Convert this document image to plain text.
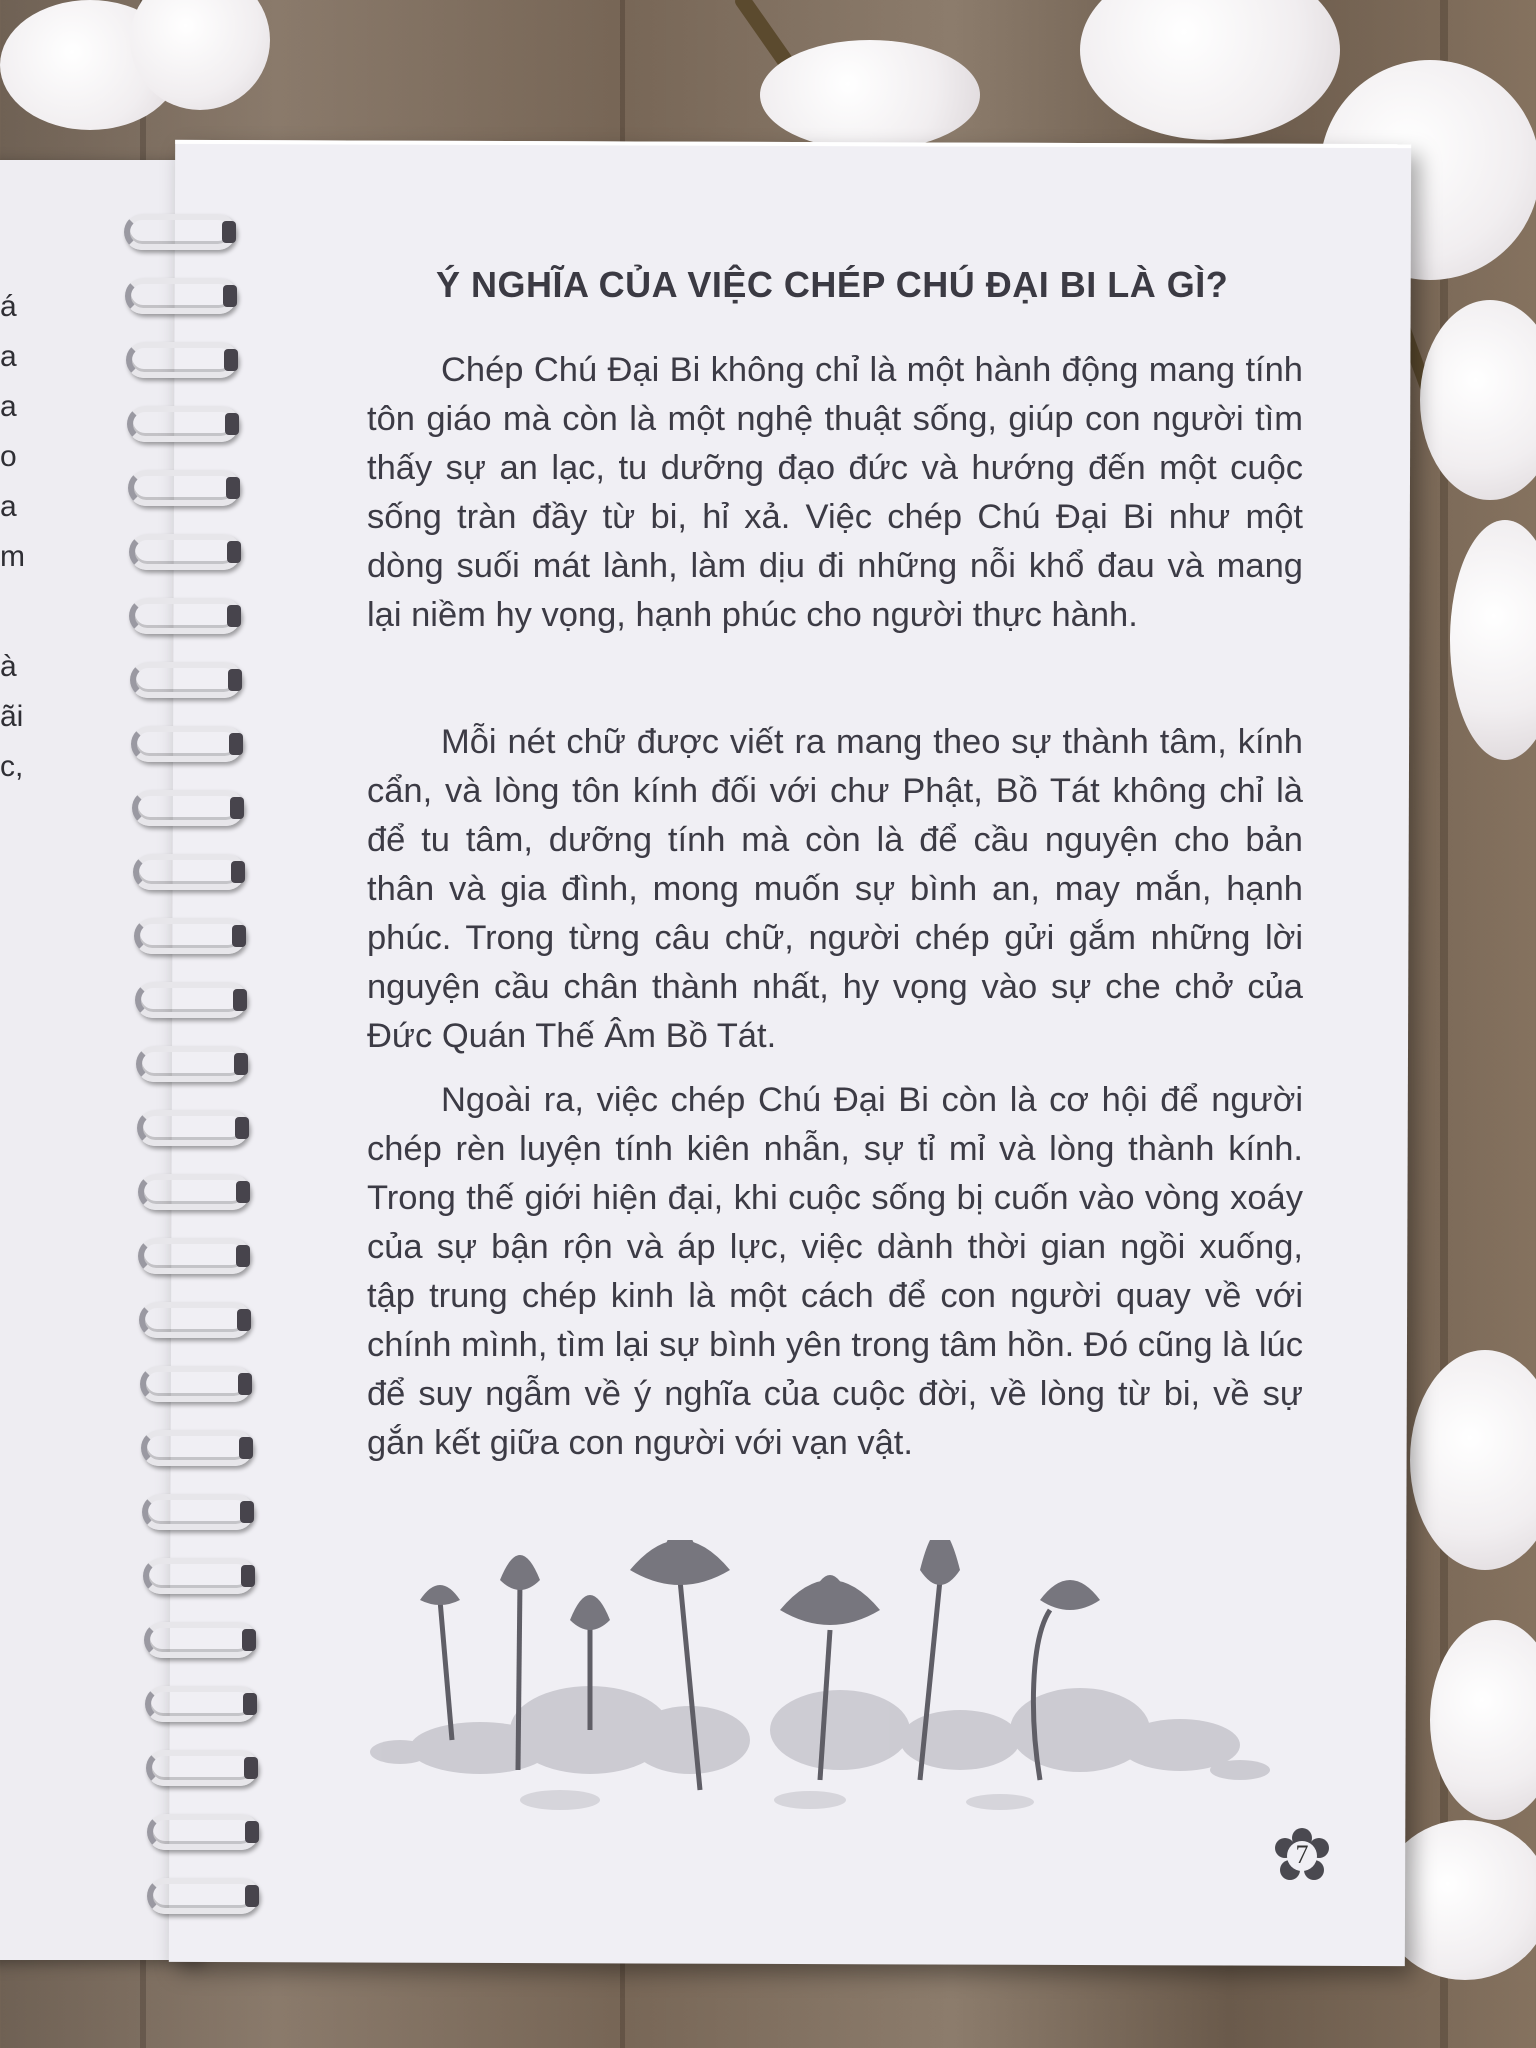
á
a
a
o
a
m
à
ãi
c,
Ý NGHĨA CỦA VIỆC CHÉP CHÚ ĐẠI BI LÀ GÌ?

Chép Chú Đại Bi không chỉ là một hành động mang tính tôn giáo mà còn là một nghệ thuật sống, giúp con người tìm thấy sự an lạc, tu dưỡng đạo đức và hướng đến một cuộc sống tràn đầy từ bi, hỉ xả. Việc chép Chú Đại Bi như một dòng suối mát lành, làm dịu đi những nỗi khổ đau và mang lại niềm hy vọng, hạnh phúc cho người thực hành.

Mỗi nét chữ được viết ra mang theo sự thành tâm, kính cẩn, và lòng tôn kính đối với chư Phật, Bồ Tát không chỉ là để tu tâm, dưỡng tính mà còn là để cầu nguyện cho bản thân và gia đình, mong muốn sự bình an, may mắn, hạnh phúc. Trong từng câu chữ, người chép gửi gắm những lời nguyện cầu chân thành nhất, hy vọng vào sự che chở của Đức Quán Thế Âm Bồ Tát.

Ngoài ra, việc chép Chú Đại Bi còn là cơ hội để người chép rèn luyện tính kiên nhẫn, sự tỉ mỉ và lòng thành kính. Trong thế giới hiện đại, khi cuộc sống bị cuốn vào vòng xoáy của sự bận rộn và áp lực, việc dành thời gian ngồi xuống, tập trung chép kinh là một cách để con người quay về với chính mình, tìm lại sự bình yên trong tâm hồn. Đó cũng là lúc để suy ngẫm về ý nghĩa của cuộc đời, về lòng từ bi, về sự gắn kết giữa con người với vạn vật.

7
